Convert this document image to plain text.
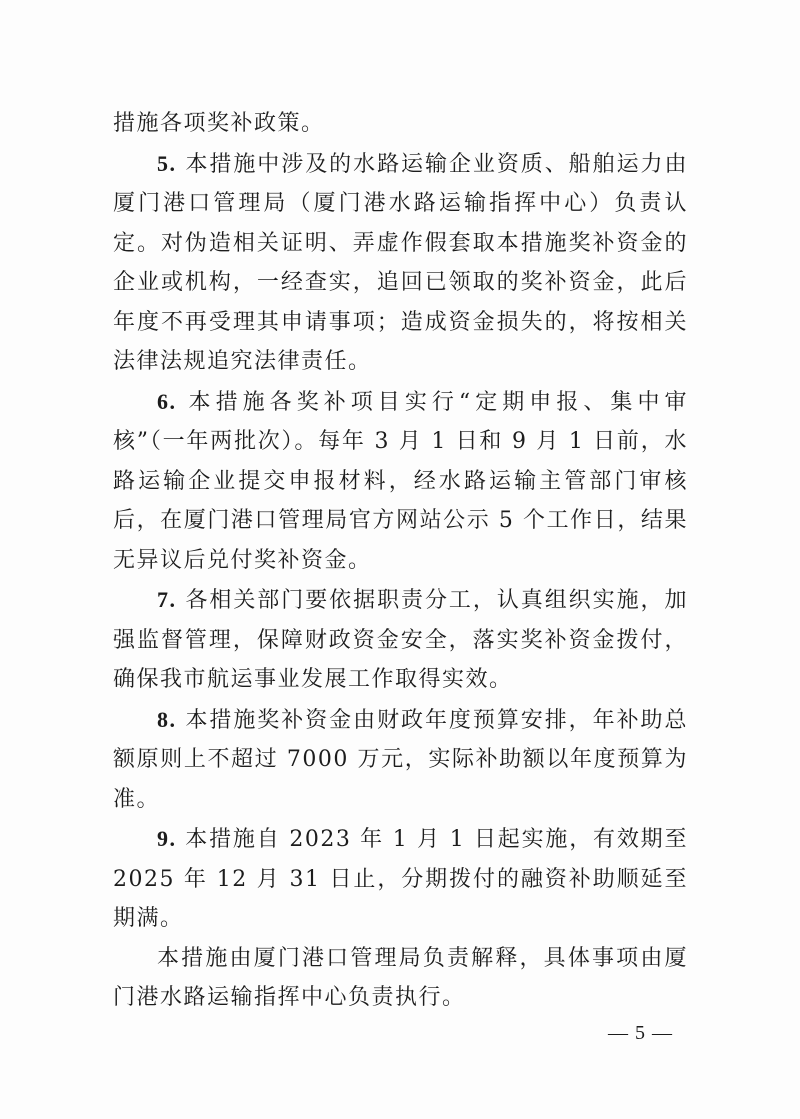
措施各项奖补政策。

5. 本措施中涉及的水路运输企业资质、船舶运力由厦门港口管理局（厦门港水路运输指挥中心）负责认定。对伪造相关证明、弄虚作假套取本措施奖补资金的企业或机构，一经查实，追回已领取的奖补资金，此后年度不再受理其申请事项；造成资金损失的，将按相关法律法规追究法律责任。

6. 本措施各奖补项目实行“定期申报、集中审核”（一年两批次）。每年 3 月 1 日和 9 月 1 日前，水路运输企业提交申报材料，经水路运输主管部门审核后，在厦门港口管理局官方网站公示 5 个工作日，结果无异议后兑付奖补资金。

7. 各相关部门要依据职责分工，认真组织实施，加强监督管理，保障财政资金安全，落实奖补资金拨付，确保我市航运事业发展工作取得实效。

8. 本措施奖补资金由财政年度预算安排，年补助总额原则上不超过 7000 万元，实际补助额以年度预算为准。

9. 本措施自 2023 年 1 月 1 日起实施，有效期至 2025 年 12 月 31 日止，分期拨付的融资补助顺延至期满。

本措施由厦门港口管理局负责解释，具体事项由厦门港水路运输指挥中心负责执行。

— 5 —
